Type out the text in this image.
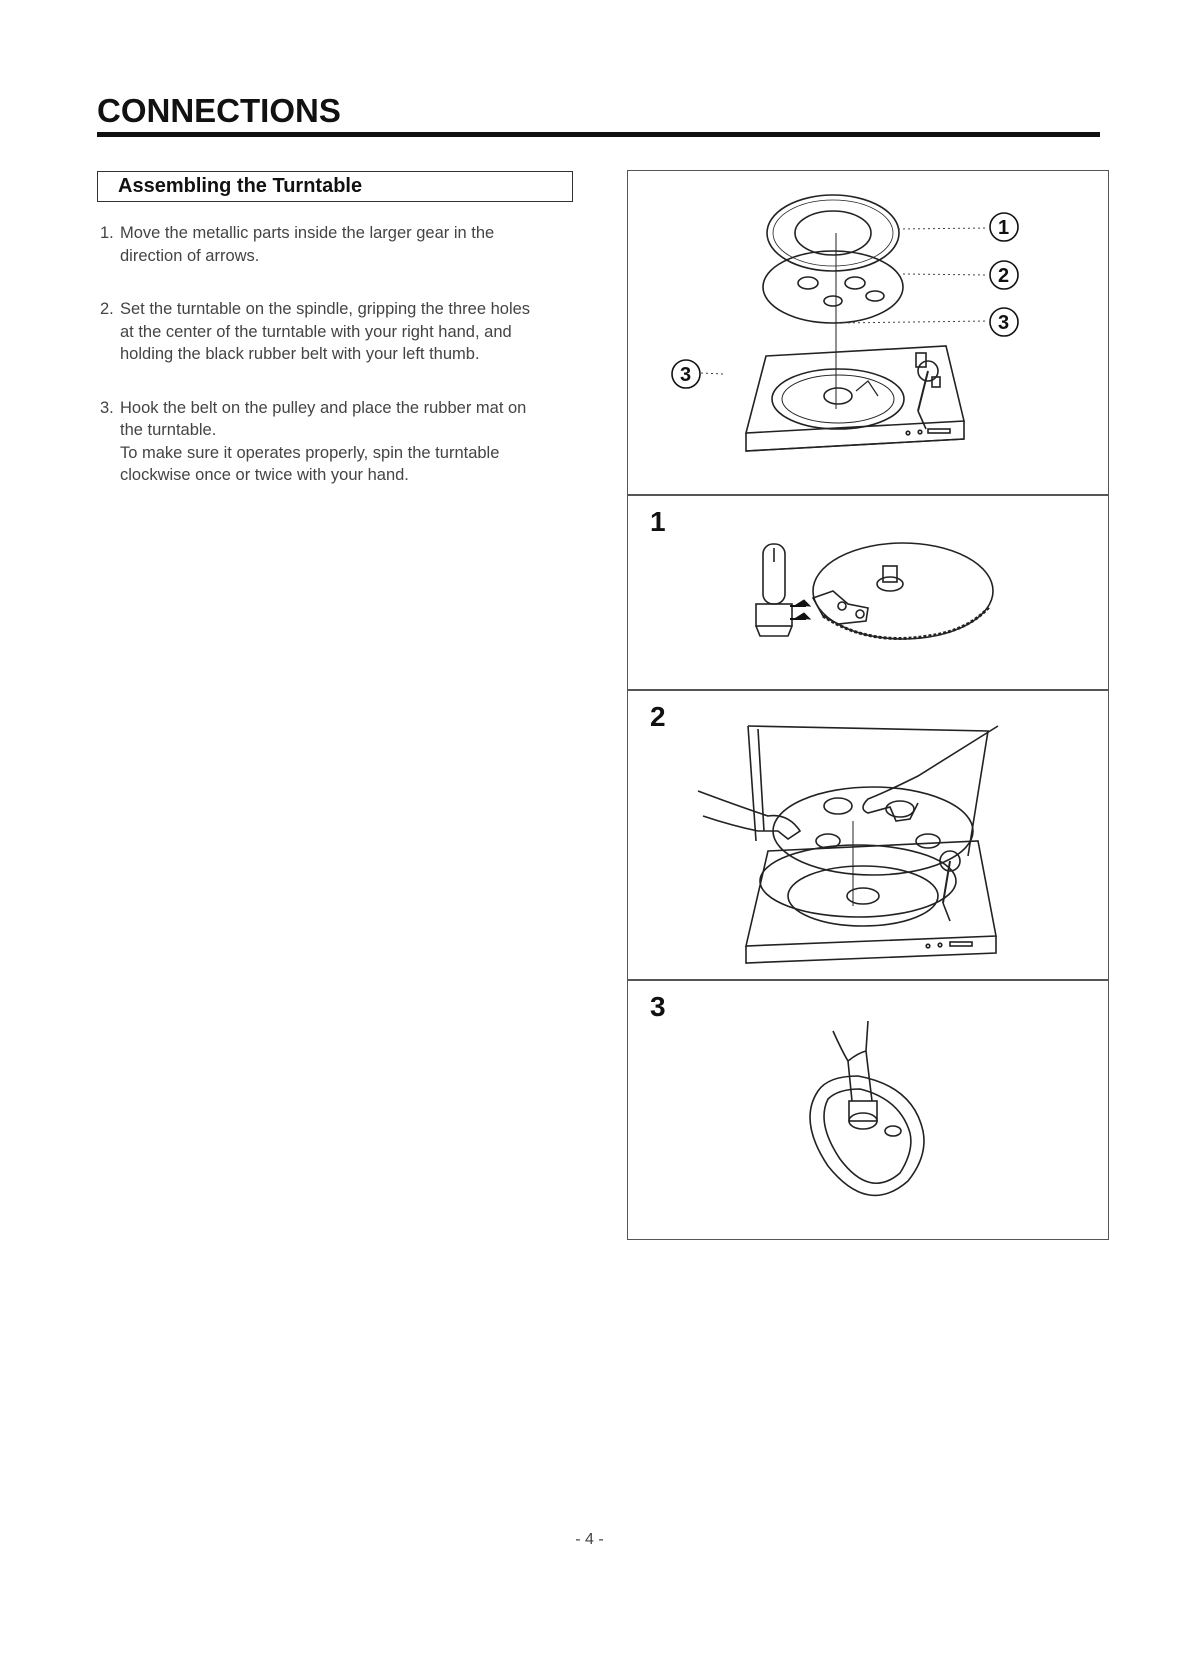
CONNECTIONS
Assembling the Turntable
1. Move the metallic parts inside the larger gear in the
direction of arrows.
2. Set the turntable on the spindle, gripping the three holes
at the center of the turntable with your right hand, and
holding the black rubber belt with your left thumb.
3. Hook the belt on the pulley and place the rubber mat on
the turntable.
To make sure it operates properly, spin the turntable
clockwise once or twice with your hand.
1
2
3
3
1
2
3
- 4 -
